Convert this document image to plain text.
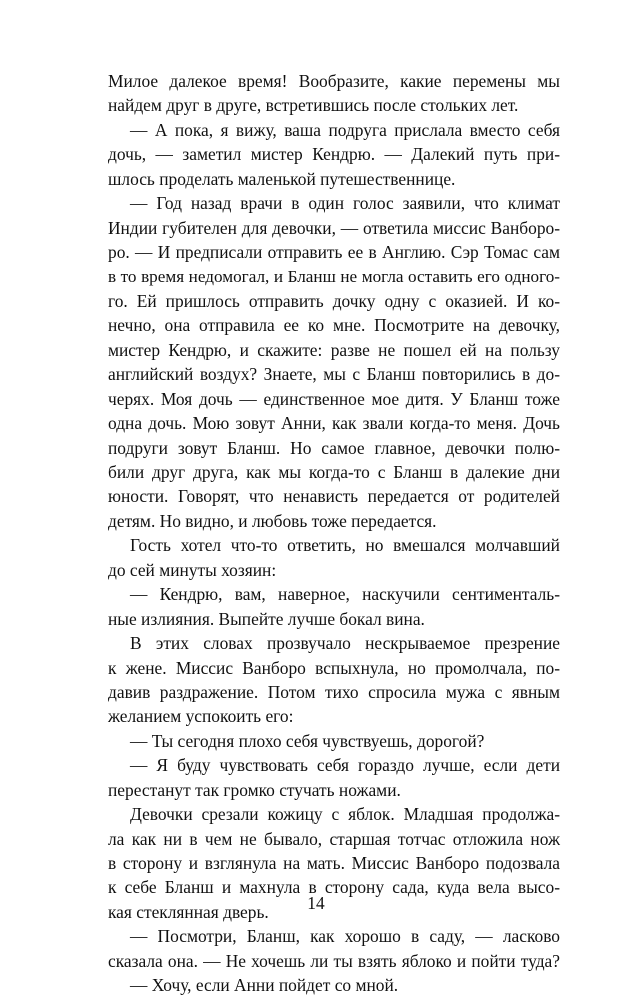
Милое далекое время! Вообразите, какие перемены мы
найдем друг в друге, встретившись после стольких лет.
— А пока, я вижу, ваша подруга прислала вместо себя
дочь, — заметил мистер Кендрю. — Далекий путь при-
шлось проделать маленькой путешественнице.
— Год назад врачи в один голос заявили, что климат
Индии губителен для девочки, — ответила миссис Ванборо-
ро. — И предписали отправить ее в Англию. Сэр Томас сам
в то время недомогал, и Бланш не могла оставить его одного-
го. Ей пришлось отправить дочку одну с оказией. И ко-
нечно, она отправила ее ко мне. Посмотрите на девочку,
мистер Кендрю, и скажите: разве не пошел ей на пользу
английский воздух? Знаете, мы с Бланш повторились в до-
черях. Моя дочь — единственное мое дитя. У Бланш тоже
одна дочь. Мою зовут Анни, как звали когда-то меня. Дочь
подруги зовут Бланш. Но самое главное, девочки полю-
били друг друга, как мы когда-то с Бланш в далекие дни
юности. Говорят, что ненависть передается от родителей
детям. Но видно, и любовь тоже передается.
Гость хотел что-то ответить, но вмешался молчавший
до сей минуты хозяин:
— Кендрю, вам, наверное, наскучили сентименталь-
ные излияния. Выпейте лучше бокал вина.
В этих словах прозвучало нескрываемое презрение
к жене. Миссис Ванборо вспыхнула, но промолчала, по-
давив раздражение. Потом тихо спросила мужа с явным
желанием успокоить его:
— Ты сегодня плохо себя чувствуешь, дорогой?
— Я буду чувствовать себя гораздо лучше, если дети
перестанут так громко стучать ножами.
Девочки срезали кожицу с яблок. Младшая продолжа-
ла как ни в чем не бывало, старшая тотчас отложила нож
в сторону и взглянула на мать. Миссис Ванборо подозвала
к себе Бланш и махнула в сторону сада, куда вела высо-
кая стеклянная дверь.
— Посмотри, Бланш, как хорошо в саду, — ласково
сказала она. — Не хочешь ли ты взять яблоко и пойти туда?
— Хочу, если Анни пойдет со мной.
14
